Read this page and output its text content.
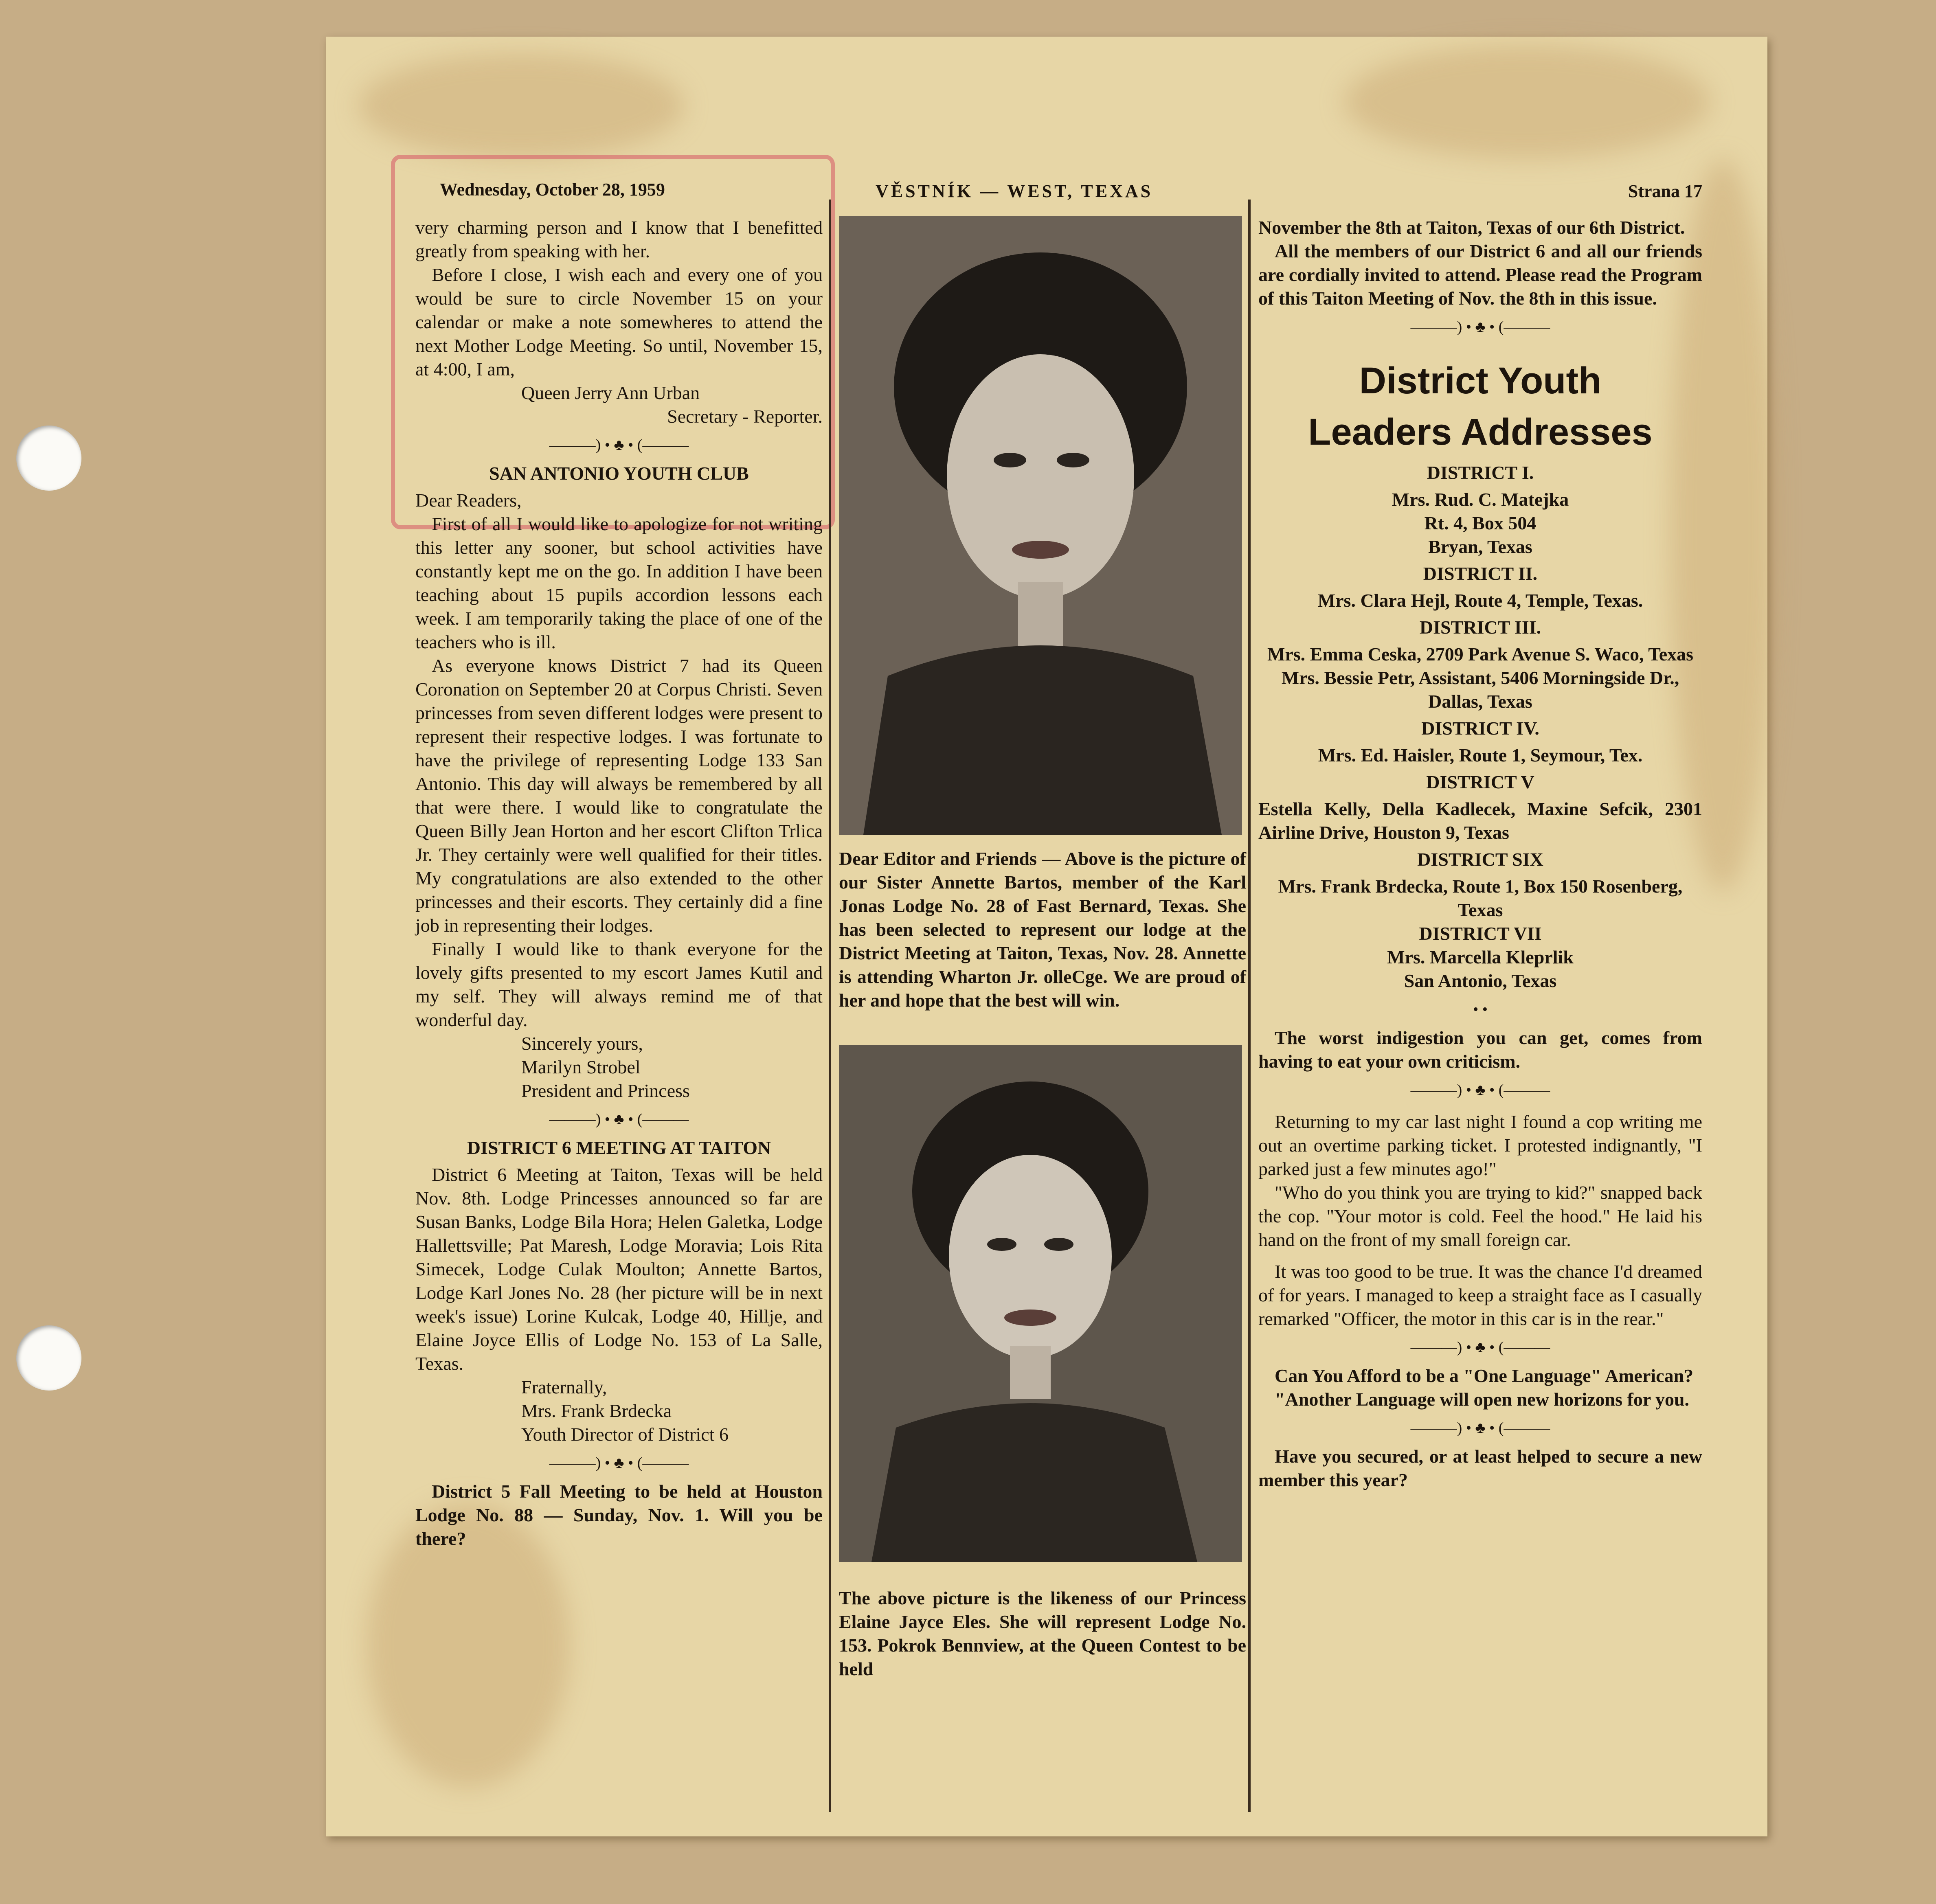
Wednesday, October 28, 1959	VĚSTNÍK — WEST, TEXAS	Strana 17

very charming person and I know that I benefitted greatly from speaking with her.

Before I close, I wish each and every one of you would be sure to circle November 15 on your calendar or make a note somewheres to attend the next Mother Lodge Meeting. So until, November 15, at 4:00, I am,

Queen Jerry Ann Urban

Secretary - Reporter.

———) • ♣ • (———
SAN ANTONIO YOUTH CLUB

Dear Readers,

First of all I would like to apologize for not writing this letter any sooner, but school activities have constantly kept me on the go. In addition I have been teaching about 15 pupils accordion lessons each week. I am temporarily taking the place of one of the teachers who is ill.

As everyone knows District 7 had its Queen Coronation on September 20 at Corpus Christi. Seven princesses from seven different lodges were present to represent their respective lodges. I was fortunate to have the privilege of representing Lodge 133 San Antonio. This day will always be remembered by all that were there. I would like to congratulate the Queen Billy Jean Horton and her escort Clifton Trlica Jr. They certainly were well qualified for their titles. My congratulations are also extended to the other princesses and their escorts. They certainly did a fine job in representing their lodges.

Finally I would like to thank everyone for the lovely gifts presented to my escort James Kutil and my self. They will always remind me of that wonderful day.

Sincerely yours,

Marilyn Strobel

President and Princess

———) • ♣ • (———
DISTRICT 6 MEETING AT TAITON

District 6 Meeting at Taiton, Texas will be held Nov. 8th. Lodge Princesses announced so far are Susan Banks, Lodge Bila Hora; Helen Galetka, Lodge Hallettsville; Pat Maresh, Lodge Moravia; Lois Rita Simecek, Lodge Culak Moulton; Annette Bartos, Lodge Karl Jones No. 28 (her picture will be in next week's issue) Lorine Kulcak, Lodge 40, Hillje, and Elaine Joyce Ellis of Lodge No. 153 of La Salle, Texas.

Fraternally,

Mrs. Frank Brdecka

Youth Director of District 6

———) • ♣ • (———

District 5 Fall Meeting to be held at Houston Lodge No. 88 — Sunday, Nov. 1. Will you be there?

Dear Editor and Friends — Above is the picture of our Sister Annette Bartos, member of the Karl Jonas Lodge No. 28 of Fast Bernard, Texas. She has been selected to represent our lodge at the District Meeting at Taiton, Texas, Nov. 28. Annette is attending Wharton Jr. olleCge. We are proud of her and hope that the best will win.

The above picture is the likeness of our Princess Elaine Jayce Eles. She will represent Lodge No. 153. Pokrok Bennview, at the Queen Contest to be held

November the 8th at Taiton, Texas of our 6th District.

All the members of our District 6 and all our friends are cordially invited to attend. Please read the Program of this Taiton Meeting of Nov. the 8th in this issue.

———) • ♣ • (———
District Youth
Leaders Addresses
DISTRICT I.

Mrs. Rud. C. Matejka

Rt. 4, Box 504

Bryan, Texas

DISTRICT II.

Mrs. Clara Hejl, Route 4, Temple, Texas.

DISTRICT III.

Mrs. Emma Ceska, 2709 Park Avenue S. Waco, Texas

Mrs. Bessie Petr, Assistant, 5406 Morningside Dr., Dallas, Texas

DISTRICT IV.

Mrs. Ed. Haisler, Route 1, Seymour, Tex.

DISTRICT V

Estella Kelly, Della Kadlecek, Maxine Sefcik, 2301 Airline Drive, Houston 9, Texas

DISTRICT SIX

Mrs. Frank Brdecka, Route 1, Box 150 Rosenberg, Texas

DISTRICT VII

Mrs. Marcella Kleprlik

San Antonio, Texas

• •

The worst indigestion you can get, comes from having to eat your own criticism.

———) • ♣ • (———

Returning to my car last night I found a cop writing me out an overtime parking ticket. I protested indignantly, "I parked just a few minutes ago!"

"Who do you think you are trying to kid?" snapped back the cop. "Your motor is cold. Feel the hood." He laid his hand on the front of my small foreign car.

It was too good to be true. It was the chance I'd dreamed of for years. I managed to keep a straight face as I casually remarked "Officer, the motor in this car is in the rear."

———) • ♣ • (———

Can You Afford to be a "One Language" American?

"Another Language will open new horizons for you.

———) • ♣ • (———

Have you secured, or at least helped to secure a new member this year?
